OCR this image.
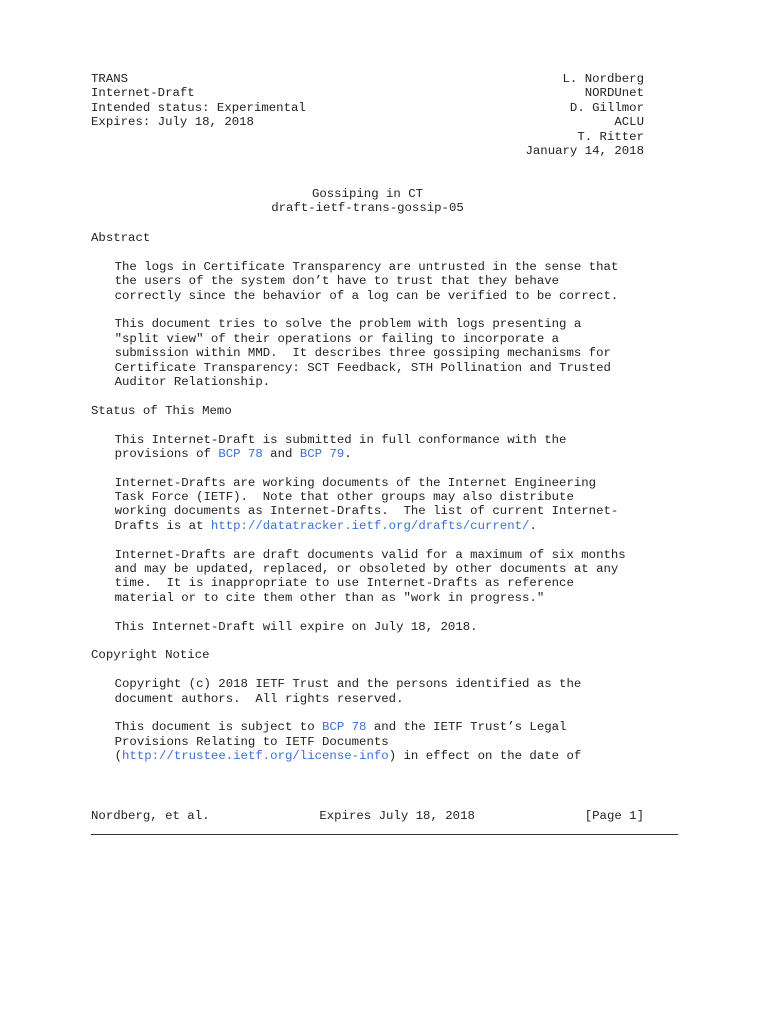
TRANS	L. Nordberg
Internet-Draft	NORDUnet
Intended status: Experimental	D. Gillmor
Expires: July 18, 2018	ACLU
T. Ritter
January 14, 2018
Gossiping in CT
draft-ietf-trans-gossip-05
Abstract
The logs in Certificate Transparency are untrusted in the sense that
the users of the system don’t have to trust that they behave
correctly since the behavior of a log can be verified to be correct.
This document tries to solve the problem with logs presenting a
"split view" of their operations or failing to incorporate a
submission within MMD.  It describes three gossiping mechanisms for
Certificate Transparency: SCT Feedback, STH Pollination and Trusted
Auditor Relationship.
Status of This Memo
This Internet-Draft is submitted in full conformance with the
provisions of BCP 78 and BCP 79.
Internet-Drafts are working documents of the Internet Engineering
Task Force (IETF).  Note that other groups may also distribute
working documents as Internet-Drafts.  The list of current Internet-
Drafts is at http://datatracker.ietf.org/drafts/current/.
Internet-Drafts are draft documents valid for a maximum of six months
and may be updated, replaced, or obsoleted by other documents at any
time.  It is inappropriate to use Internet-Drafts as reference
material or to cite them other than as "work in progress."
This Internet-Draft will expire on July 18, 2018.
Copyright Notice
Copyright (c) 2018 IETF Trust and the persons identified as the
document authors.  All rights reserved.
This document is subject to BCP 78 and the IETF Trust’s Legal
Provisions Relating to IETF Documents
(http://trustee.ietf.org/license-info) in effect on the date of
Nordberg, et al.	Expires July 18, 2018	[Page 1]
